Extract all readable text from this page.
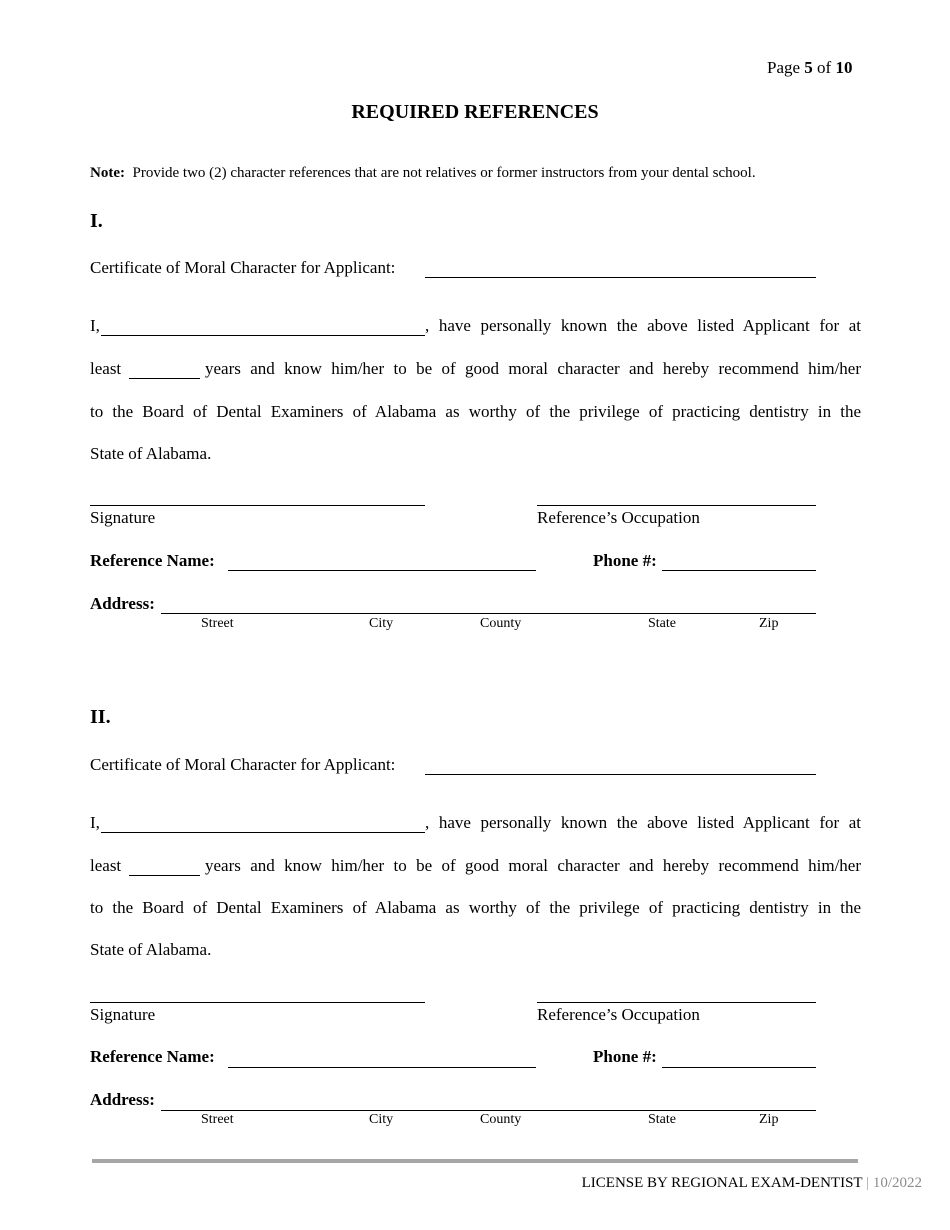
Page 5 of 10
REQUIRED REFERENCES
Note: Provide two (2) character references that are not relatives or former instructors from your dental school.
I.
Certificate of Moral Character for Applicant:
I,	, have personally known the above listed Applicant for at
least	years and know him/her to be of good moral character and hereby recommend him/her
to the Board of Dental Examiners of Alabama as worthy of the privilege of practicing dentistry in the
State of Alabama.
Signature	Reference’s Occupation
Reference Name:	Phone #:
Address:
Street	City	County	State	Zip
II.
Certificate of Moral Character for Applicant:
I,	, have personally known the above listed Applicant for at
least	years and know him/her to be of good moral character and hereby recommend him/her
to the Board of Dental Examiners of Alabama as worthy of the privilege of practicing dentistry in the
State of Alabama.
Signature	Reference’s Occupation
Reference Name:	Phone #:
Address:
Street	City	County	State	Zip
LICENSE BY REGIONAL EXAM-DENTIST | 10/2022
